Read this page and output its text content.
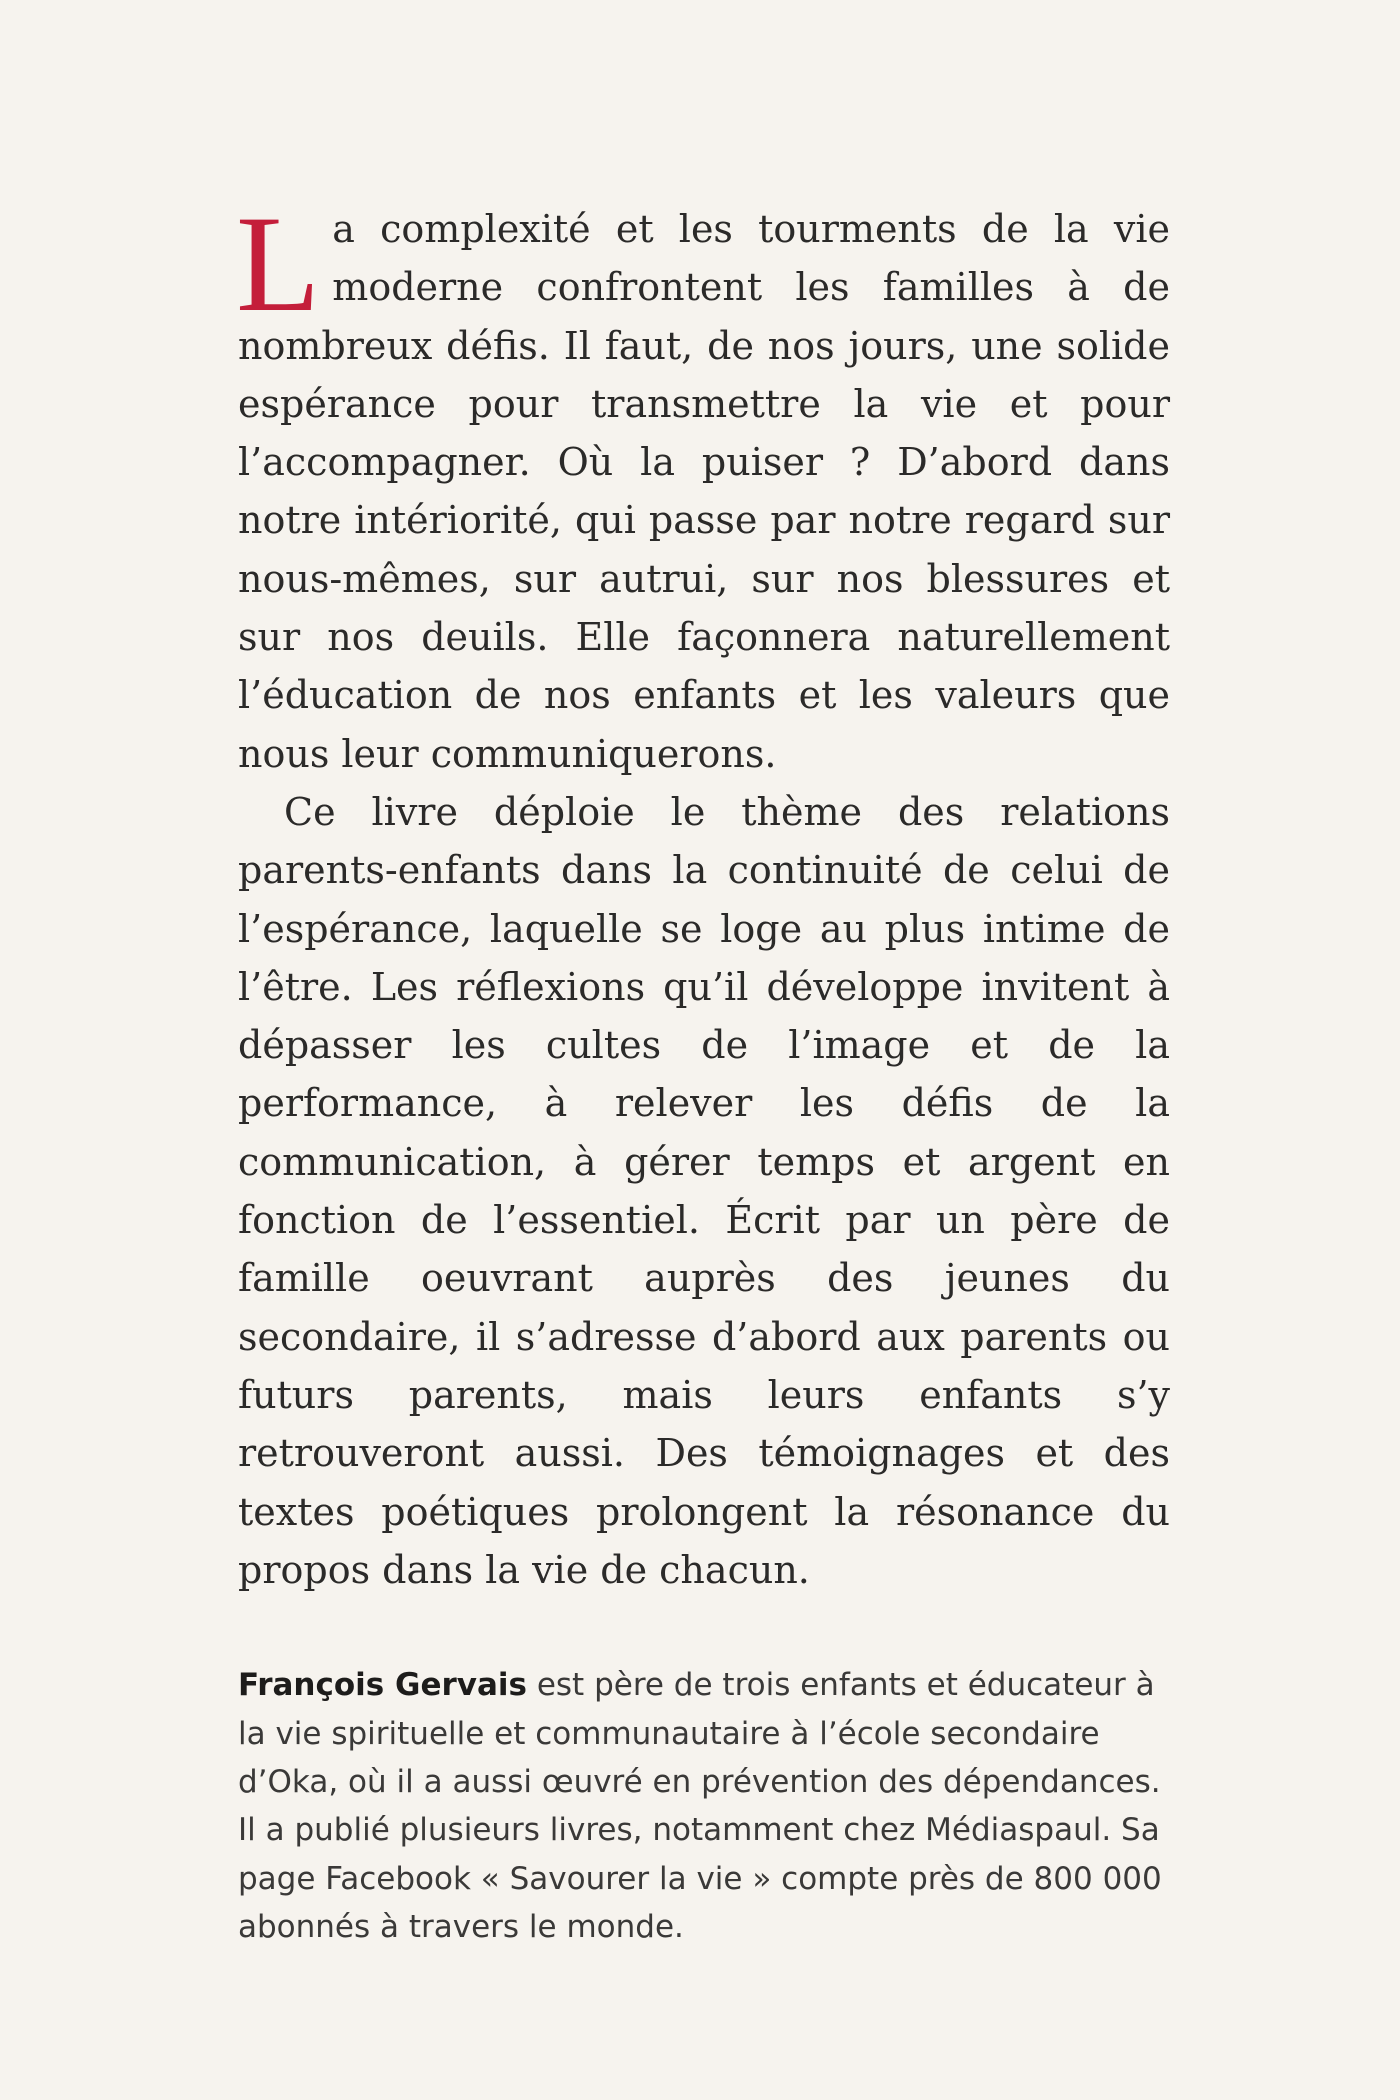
La complexité et les tourments de la vie moderne confrontent les familles à de nombreux défis. Il faut, de nos jours, une solide espérance pour transmettre la vie et pour l’accompagner. Où la puiser ? D’abord dans notre intériorité, qui passe par notre regard sur nous-mêmes, sur autrui, sur nos blessures et sur nos deuils. Elle façonnera naturellement l’éducation de nos enfants et les valeurs que nous leur communiquerons.

Ce livre déploie le thème des relations parents-enfants dans la continuité de celui de l’espérance, laquelle se loge au plus intime de l’être. Les réflexions qu’il développe invitent à dépasser les cultes de l’image et de la performance, à relever les défis de la communication, à gérer temps et argent en fonction de l’essentiel. Écrit par un père de famille oeuvrant auprès des jeunes du secondaire, il s’adresse d’abord aux parents ou futurs parents, mais leurs enfants s’y retrouveront aussi. Des témoignages et des textes poétiques prolongent la résonance du propos dans la vie de chacun.

François Gervais est père de trois enfants et éducateur à la vie spirituelle et communautaire à l’école secondaire d’Oka, où il a aussi œuvré en prévention des dépendances. Il a publié plusieurs livres, notamment chez Médiaspaul. Sa page Facebook « Savourer la vie » compte près de 800 000 abonnés à travers le monde.
